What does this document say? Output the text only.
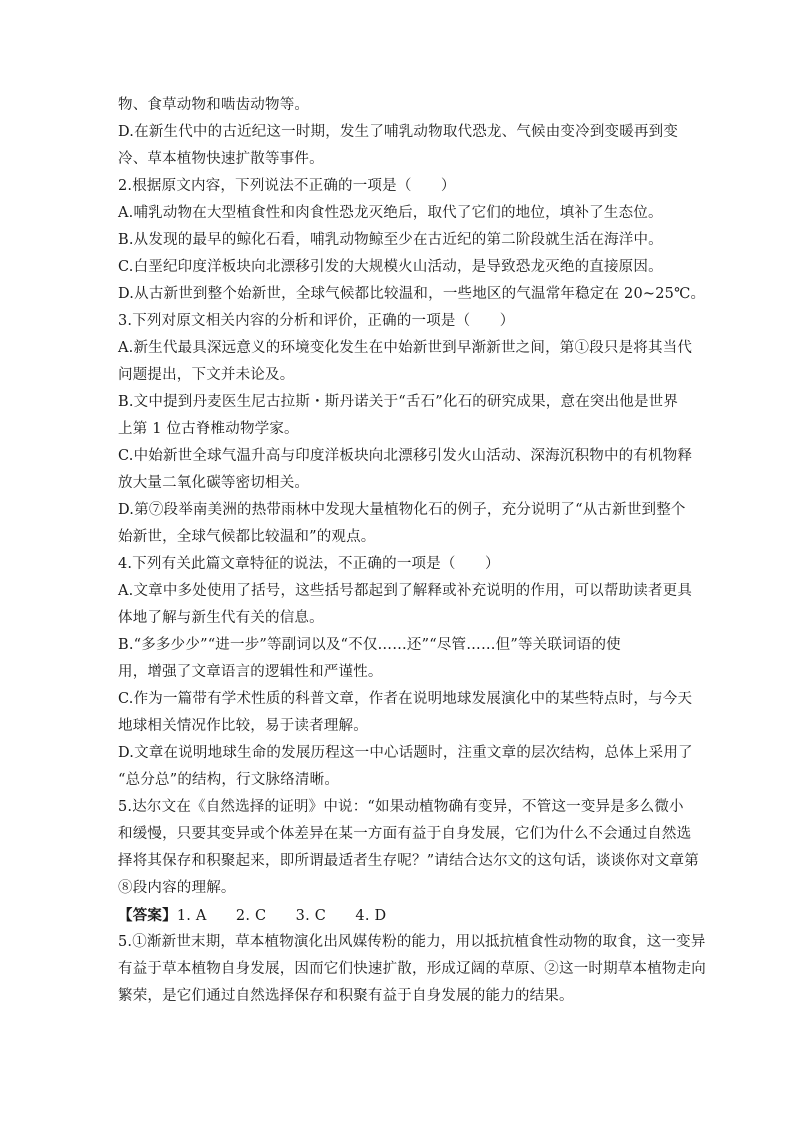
物、食草动物和啮齿动物等。
D.在新生代中的古近纪这一时期，发生了哺乳动物取代恐龙、气候由变冷到变暖再到变
冷、草本植物快速扩散等事件。
2.根据原文内容，下列说法不正确的一项是（　　）
A.哺乳动物在大型植食性和肉食性恐龙灭绝后，取代了它们的地位，填补了生态位。
B.从发现的最早的鲸化石看，哺乳动物鲸至少在古近纪的第二阶段就生活在海洋中。
C.白垩纪印度洋板块向北漂移引发的大规模火山活动，是导致恐龙灭绝的直接原因。
D.从古新世到整个始新世，全球气候都比较温和，一些地区的气温常年稳定在 20~25℃。
3.下列对原文相关内容的分析和评价，正确的一项是（　　）
A.新生代最具深远意义的环境变化发生在中始新世到早渐新世之间，第①段只是将其当代
问题提出，下文并未论及。
B.文中提到丹麦医生尼古拉斯・斯丹诺关于“舌石”化石的研究成果，意在突出他是世界
上第 1 位古脊椎动物学家。
C.中始新世全球气温升高与印度洋板块向北漂移引发火山活动、深海沉积物中的有机物释
放大量二氧化碳等密切相关。
D.第⑦段举南美洲的热带雨林中发现大量植物化石的例子，充分说明了“从古新世到整个
始新世，全球气候都比较温和”的观点。
4.下列有关此篇文章特征的说法，不正确的一项是（　　）
A.文章中多处使用了括号，这些括号都起到了解释或补充说明的作用，可以帮助读者更具
体地了解与新生代有关的信息。
B.“多多少少”“进一步”等副词以及“不仅……还”“尽管……但”等关联词语的使
用，增强了文章语言的逻辑性和严谨性。
C.作为一篇带有学术性质的科普文章，作者在说明地球发展演化中的某些特点时，与今天
地球相关情况作比较，易于读者理解。
D.文章在说明地球生命的发展历程这一中心话题时，注重文章的层次结构，总体上采用了
“总分总”的结构，行文脉络清晰。
5.达尔文在《自然选择的证明》中说：“如果动植物确有变异，不管这一变异是多么微小
和缓慢，只要其变异或个体差异在某一方面有益于自身发展，它们为什么不会通过自然选
择将其保存和积聚起来，即所谓最适者生存呢？”请结合达尔文的这句话，谈谈你对文章第
⑧段内容的理解。
【答案】1. A　　2. C　　3. C　　4. D
5.①渐新世末期，草本植物演化出风媒传粉的能力，用以抵抗植食性动物的取食，这一变异
有益于草本植物自身发展，因而它们快速扩散，形成辽阔的草原、②这一时期草本植物走向
繁荣，是它们通过自然选择保存和积聚有益于自身发展的能力的结果。
